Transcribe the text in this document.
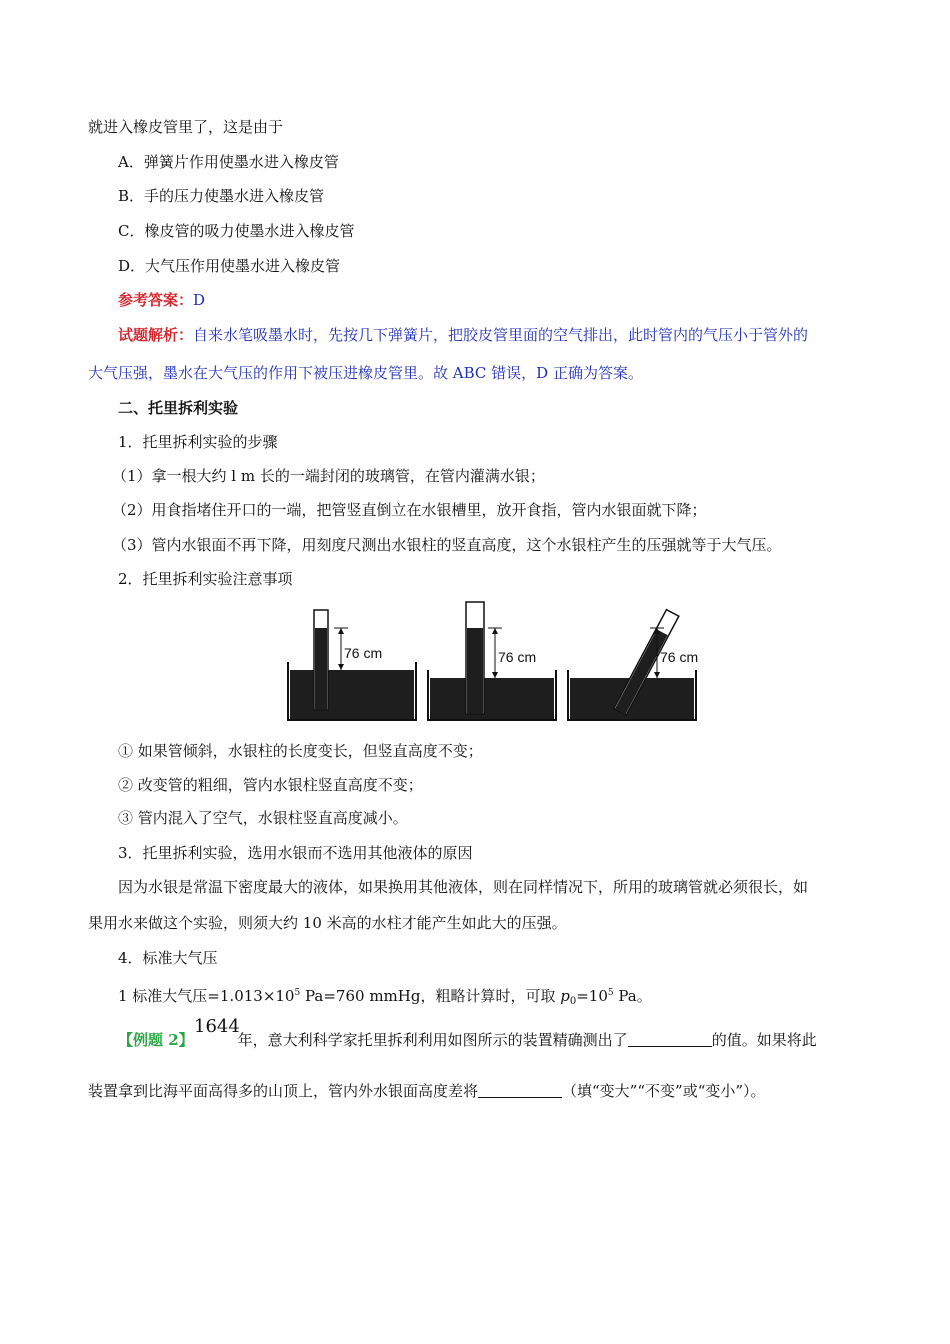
就进入橡皮管里了，这是由于
A．弹簧片作用使墨水进入橡皮管
B．手的压力使墨水进入橡皮管
C．橡皮管的吸力使墨水进入橡皮管
D．大气压作用使墨水进入橡皮管
参考答案：D
试题解析：自来水笔吸墨水时，先按几下弹簧片，把胶皮管里面的空气排出，此时管内的气压小于管外的
大气压强，墨水在大气压的作用下被压进橡皮管里。故 ABC 错误，D 正确为答案。
二、托里拆利实验
1．托里拆利实验的步骤
（1）拿一根大约 l m 长的一端封闭的玻璃管，在管内灌满水银；
（2）用食指堵住开口的一端，把管竖直倒立在水银槽里，放开食指，管内水银面就下降；
（3）管内水银面不再下降，用刻度尺测出水银柱的竖直高度，这个水银柱产生的压强就等于大气压。
2．托里拆利实验注意事项
76 cm	76 cm	76 cm
① 如果管倾斜，水银柱的长度变长，但竖直高度不变；
② 改变管的粗细，管内水银柱竖直高度不变；
③ 管内混入了空气，水银柱竖直高度减小。
3．托里拆利实验，选用水银而不选用其他液体的原因
因为水银是常温下密度最大的液体，如果换用其他液体，则在同样情况下，所用的玻璃管就必须很长，如
果用水来做这个实验，则须大约 10 米高的水柱才能产生如此大的压强。
4．标准大气压
1 标准大气压$=1.013\times 10^5$ Pa=760 mmHg，粗略计算时，可取 $p_0=10^5$ Pa。
【例题 2】	年，意大利科学家托里拆利利用如图所示的装置精确测出了	的值。如果将此
1644
装置拿到比海平面高得多的山顶上，管内外水银面高度差将	（填“变大”“不变”或“变小”）。
